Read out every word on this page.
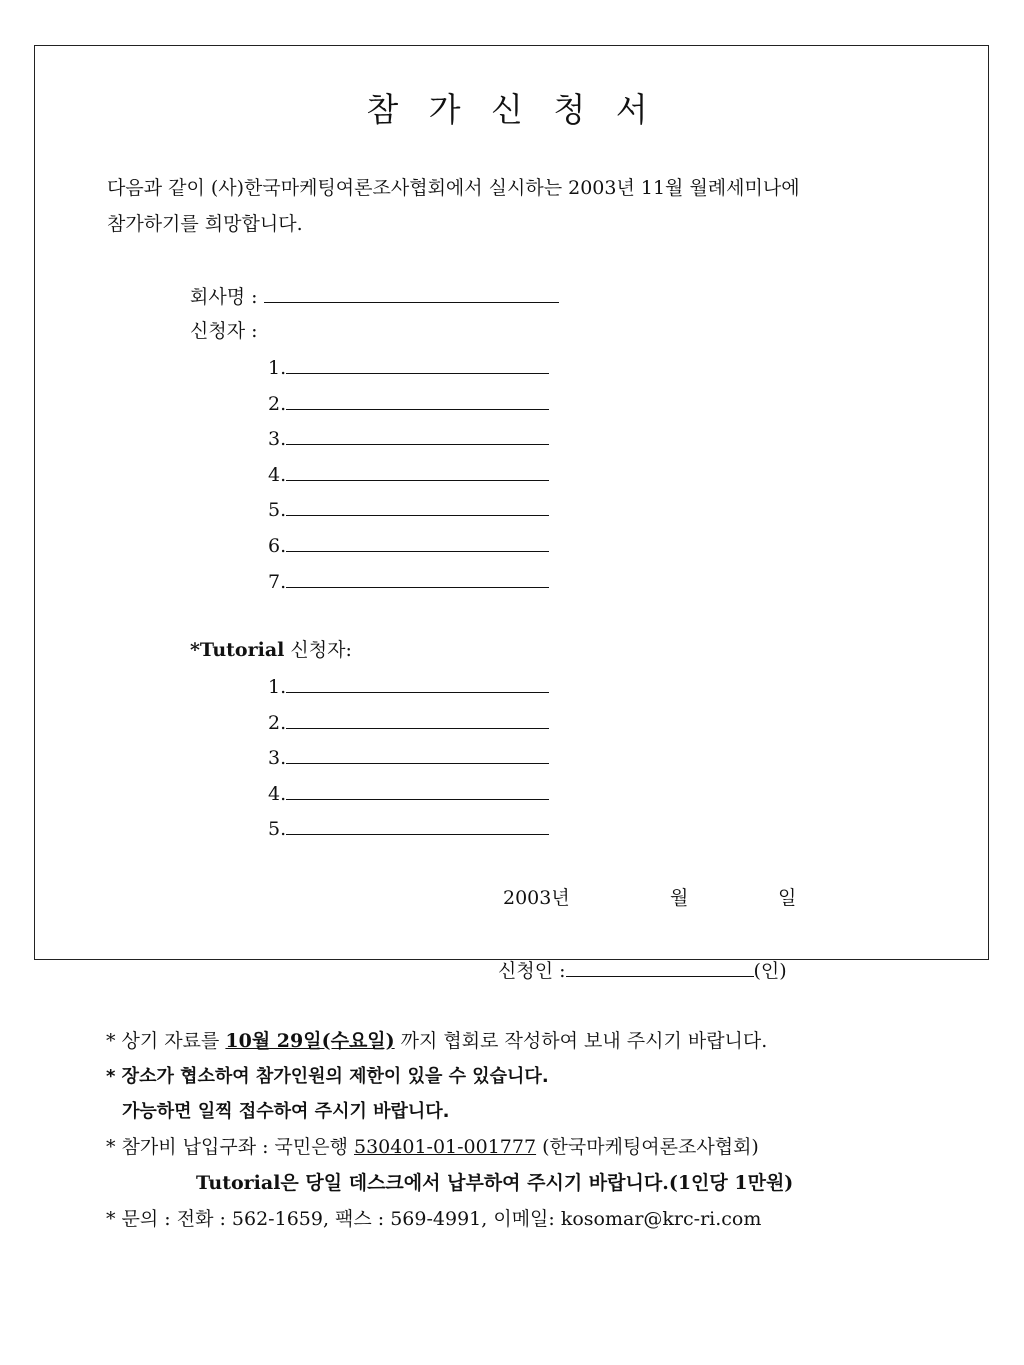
참 가 신 청 서
다음과 같이 (사)한국마케팅여론조사협회에서 실시하는 2003년 11월 월례세미나에
참가하기를 희망합니다.
회사명 :
신청자 :
1.
2.
3.
4.
5.
6.
7.
*Tutorial 신청자:
1.
2.
3.
4.
5.
2003년	월	일
신청인 :	(인)
* 상기 자료를 10월 29일(수요일) 까지 협회로 작성하여 보내 주시기 바랍니다.
* 장소가 협소하여 참가인원의 제한이 있을 수 있습니다.
가능하면 일찍 접수하여 주시기 바랍니다.
* 참가비 납입구좌 : 국민은행 530401-01-001777 (한국마케팅여론조사협회)
Tutorial은 당일 데스크에서 납부하여 주시기 바랍니다.(1인당 1만원)
* 문의 : 전화 : 562-1659, 팩스 : 569-4991, 이메일: kosomar@krc-ri.com
